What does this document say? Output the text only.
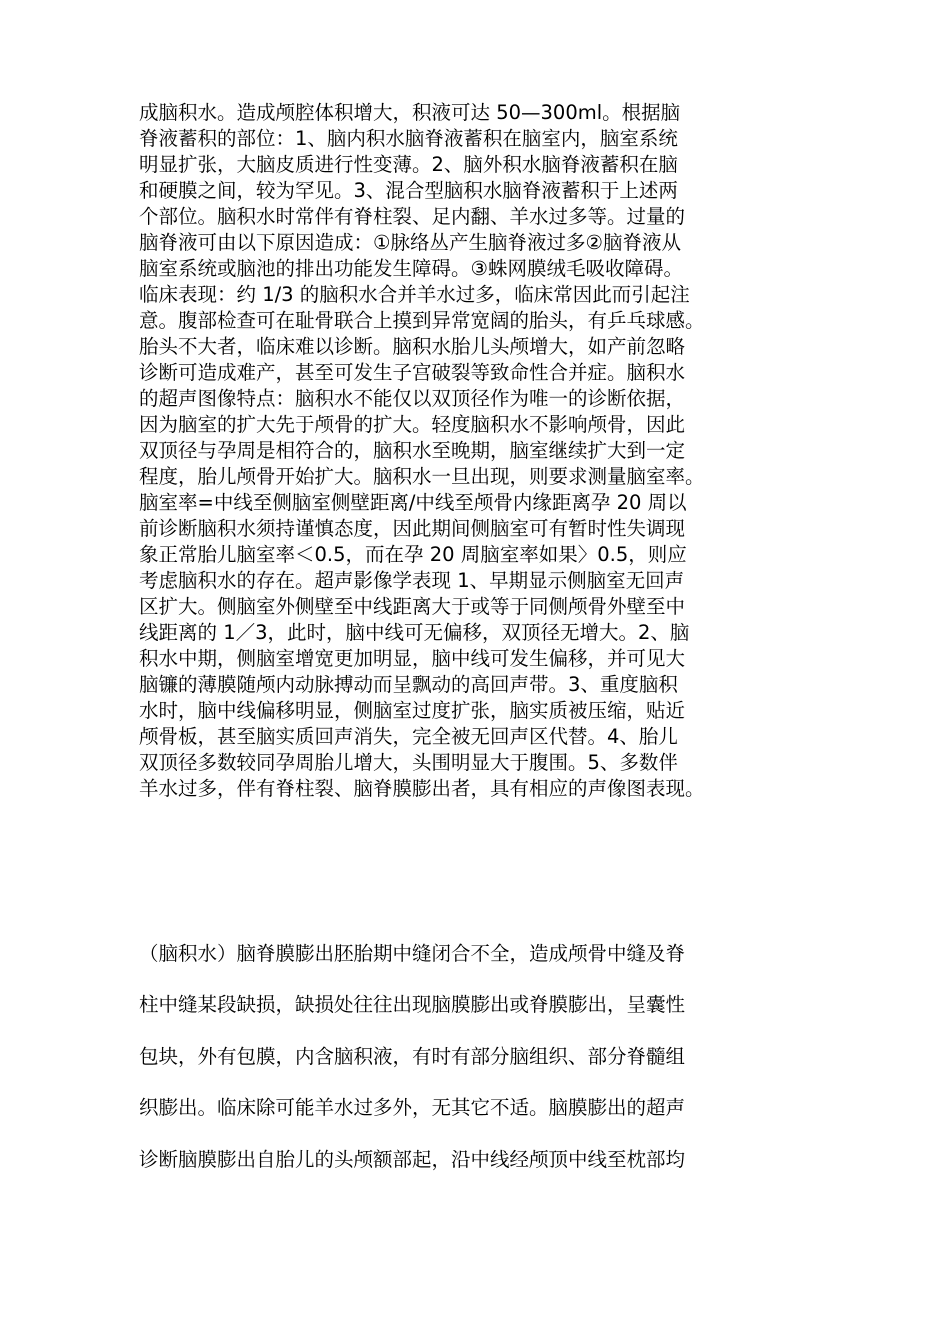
成脑积水。造成颅腔体积增大，积液可达 50—300ml。根据脑
脊液蓄积的部位：1、脑内积水脑脊液蓄积在脑室内，脑室系统
明显扩张，大脑皮质进行性变薄。2、脑外积水脑脊液蓄积在脑
和硬膜之间，较为罕见。3、混合型脑积水脑脊液蓄积于上述两
个部位。脑积水时常伴有脊柱裂、足内翻、羊水过多等。过量的
脑脊液可由以下原因造成：①脉络丛产生脑脊液过多②脑脊液从
脑室系统或脑池的排出功能发生障碍。③蛛网膜绒毛吸收障碍。
临床表现：约 1/3 的脑积水合并羊水过多，临床常因此而引起注
意。腹部检查可在耻骨联合上摸到异常宽阔的胎头，有乒乓球感。
胎头不大者，临床难以诊断。脑积水胎儿头颅增大，如产前忽略
诊断可造成难产，甚至可发生子宫破裂等致命性合并症。脑积水
的超声图像特点：脑积水不能仅以双顶径作为唯一的诊断依据，
因为脑室的扩大先于颅骨的扩大。轻度脑积水不影响颅骨，因此
双顶径与孕周是相符合的，脑积水至晚期，脑室继续扩大到一定
程度，胎儿颅骨开始扩大。脑积水一旦出现，则要求测量脑室率。
脑室率=中线至侧脑室侧壁距离/中线至颅骨内缘距离孕 20 周以
前诊断脑积水须持谨慎态度，因此期间侧脑室可有暂时性失调现
象正常胎儿脑室率＜0.5，而在孕 20 周脑室率如果〉0.5，则应
考虑脑积水的存在。超声影像学表现 1、早期显示侧脑室无回声
区扩大。侧脑室外侧壁至中线距离大于或等于同侧颅骨外壁至中
线距离的 1／3，此时，脑中线可无偏移，双顶径无增大。2、脑
积水中期，侧脑室增宽更加明显，脑中线可发生偏移，并可见大
脑镰的薄膜随颅内动脉搏动而呈飘动的高回声带。3、重度脑积
水时，脑中线偏移明显，侧脑室过度扩张，脑实质被压缩，贴近
颅骨板，甚至脑实质回声消失，完全被无回声区代替。4、胎儿
双顶径多数较同孕周胎儿增大，头围明显大于腹围。5、多数伴
羊水过多，伴有脊柱裂、脑脊膜膨出者，具有相应的声像图表现。
（脑积水）脑脊膜膨出胚胎期中缝闭合不全，造成颅骨中缝及脊
柱中缝某段缺损，缺损处往往出现脑膜膨出或脊膜膨出，呈囊性
包块，外有包膜，内含脑积液，有时有部分脑组织、部分脊髓组
织膨出。临床除可能羊水过多外，无其它不适。脑膜膨出的超声
诊断脑膜膨出自胎儿的头颅额部起，沿中线经颅顶中线至枕部均
